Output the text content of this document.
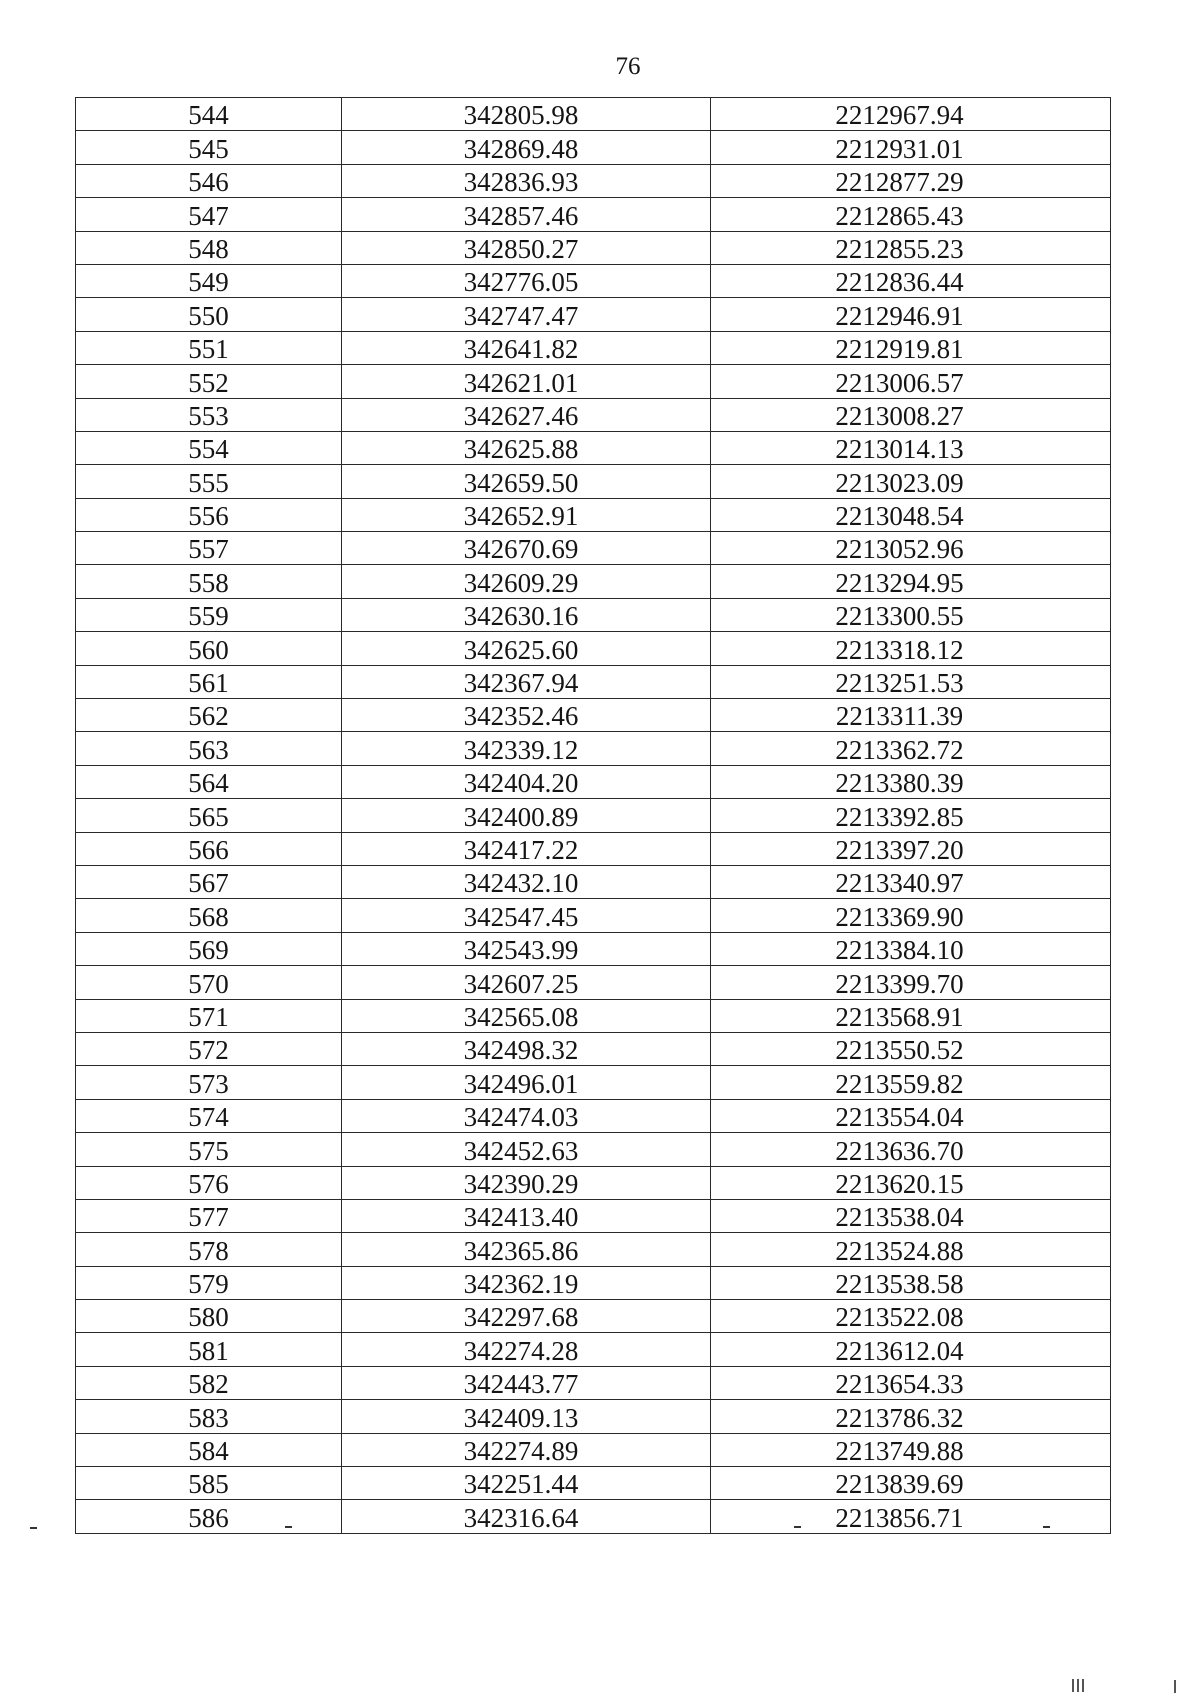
76
544	342805.98	2212967.94
545	342869.48	2212931.01
546	342836.93	2212877.29
547	342857.46	2212865.43
548	342850.27	2212855.23
549	342776.05	2212836.44
550	342747.47	2212946.91
551	342641.82	2212919.81
552	342621.01	2213006.57
553	342627.46	2213008.27
554	342625.88	2213014.13
555	342659.50	2213023.09
556	342652.91	2213048.54
557	342670.69	2213052.96
558	342609.29	2213294.95
559	342630.16	2213300.55
560	342625.60	2213318.12
561	342367.94	2213251.53
562	342352.46	2213311.39
563	342339.12	2213362.72
564	342404.20	2213380.39
565	342400.89	2213392.85
566	342417.22	2213397.20
567	342432.10	2213340.97
568	342547.45	2213369.90
569	342543.99	2213384.10
570	342607.25	2213399.70
571	342565.08	2213568.91
572	342498.32	2213550.52
573	342496.01	2213559.82
574	342474.03	2213554.04
575	342452.63	2213636.70
576	342390.29	2213620.15
577	342413.40	2213538.04
578	342365.86	2213524.88
579	342362.19	2213538.58
580	342297.68	2213522.08
581	342274.28	2213612.04
582	342443.77	2213654.33
583	342409.13	2213786.32
584	342274.89	2213749.88
585	342251.44	2213839.69
586	342316.64	2213856.71
